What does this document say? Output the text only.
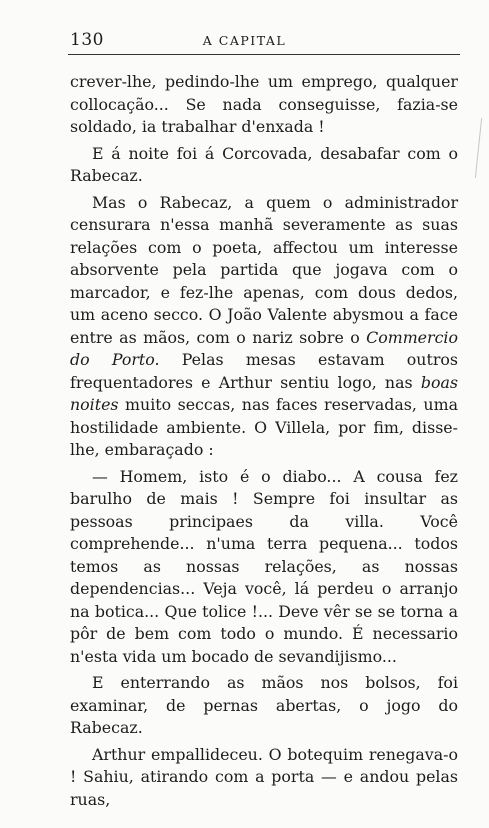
130	A CAPITAL

crever-lhe, pedindo-lhe um emprego, qualquer collocação... Se nada conseguisse, fazia-se soldado, ia trabalhar d'enxada !

E á noite foi á Corcovada, desabafar com o Rabecaz.

Mas o Rabecaz, a quem o administrador censurara n'essa manhã severamente as suas relações com o poeta, affectou um interesse absorvente pela partida que jogava com o marcador, e fez-lhe apenas, com dous dedos, um aceno secco. O João Valente abysmou a face entre as mãos, com o nariz sobre o Commercio do Porto. Pelas mesas estavam outros frequentadores e Arthur sentiu logo, nas boas noites muito seccas, nas faces reservadas, uma hostilidade ambiente. O Villela, por fim, disse-lhe, embaraçado :

— Homem, isto é o diabo... A cousa fez barulho de mais ! Sempre foi insultar as pessoas principaes da villa. Você comprehende... n'uma terra pequena... todos temos as nossas relações, as nossas dependencias... Veja você, lá perdeu o arranjo na botica... Que tolice !... Deve vêr se se torna a pôr de bem com todo o mundo. É necessario n'esta vida um bocado de sevandijismo...

E enterrando as mãos nos bolsos, foi examinar, de pernas abertas, o jogo do Rabecaz.

Arthur empallideceu. O botequim renegava-o ! Sahiu, atirando com a porta — e andou pelas ruas,
